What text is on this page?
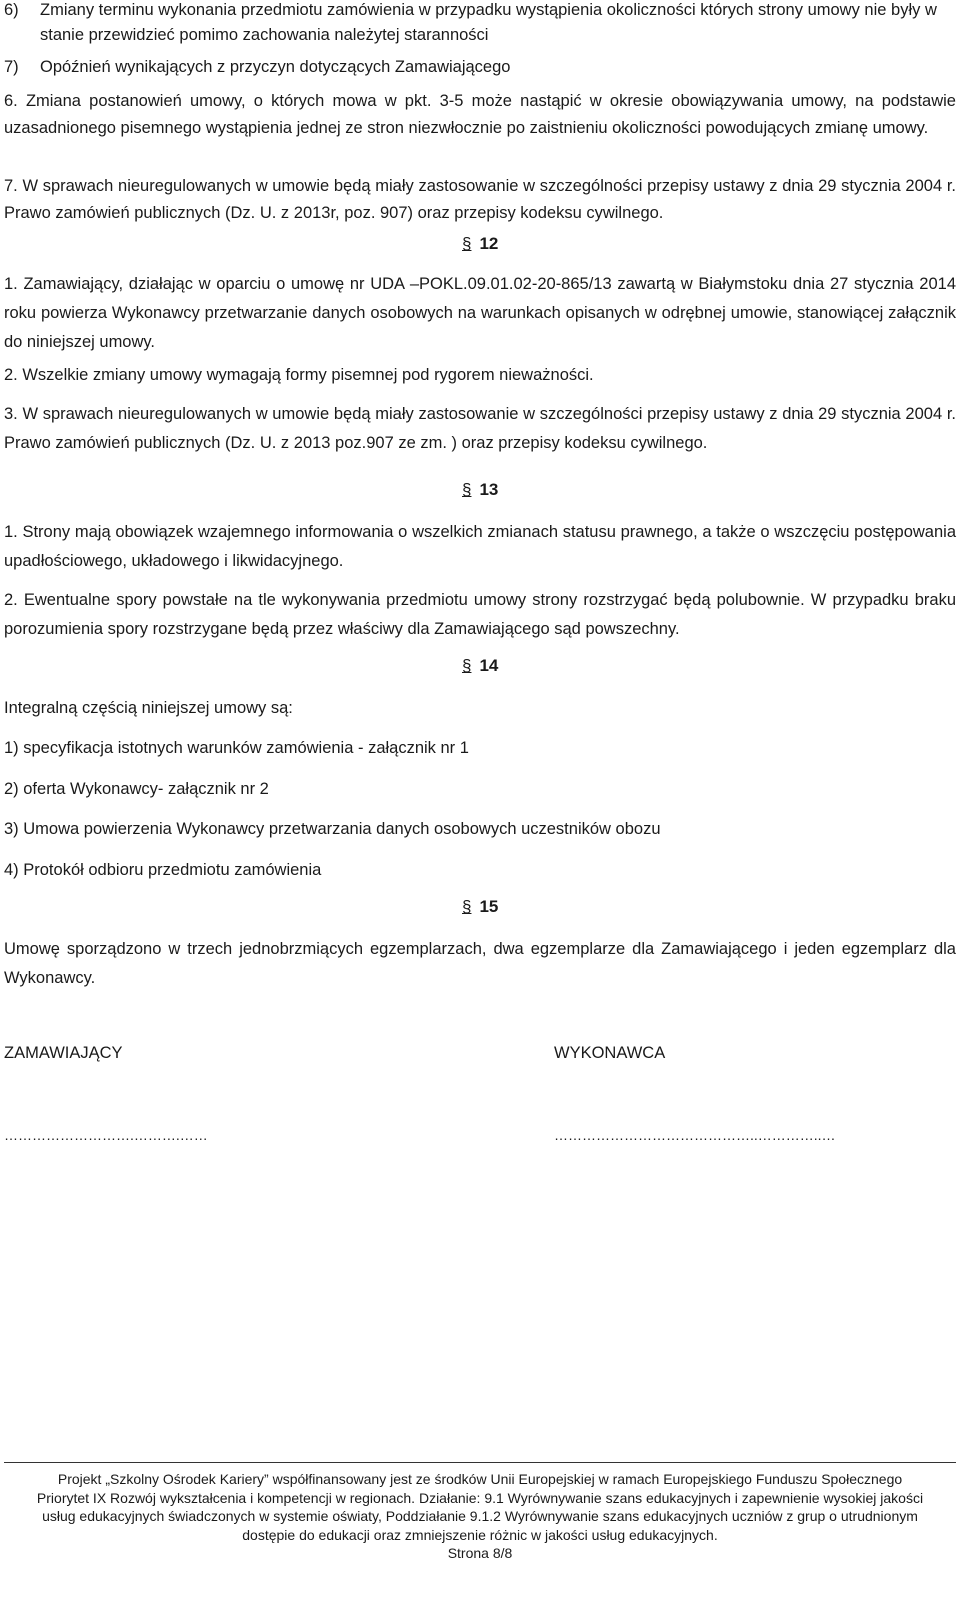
6) Zmiany terminu wykonania przedmiotu zamówienia w przypadku wystąpienia okoliczności których strony umowy nie były w stanie przewidzieć pomimo zachowania należytej staranności
7) Opóźnień wynikających z przyczyn dotyczących Zamawiającego

6. Zmiana postanowień umowy, o których mowa w pkt. 3-5 może nastąpić w okresie obowiązywania umowy, na podstawie uzasadnionego pisemnego wystąpienia jednej ze stron niezwłocznie po zaistnieniu okoliczności powodujących zmianę umowy.

7. W sprawach nieuregulowanych w umowie będą miały zastosowanie w szczególności przepisy ustawy z dnia 29 stycznia 2004 r. Prawo zamówień publicznych (Dz. U. z 2013r, poz. 907) oraz przepisy kodeksu cywilnego.

§ 12

1. Zamawiający, działając w oparciu o umowę nr UDA –POKL.09.01.02-20-865/13 zawartą w Białymstoku dnia 27 stycznia 2014 roku powierza Wykonawcy przetwarzanie danych osobowych na warunkach opisanych w odrębnej umowie, stanowiącej załącznik do niniejszej umowy.

2. Wszelkie zmiany umowy wymagają formy pisemnej pod rygorem nieważności.

3. W sprawach nieuregulowanych w umowie będą miały zastosowanie w szczególności przepisy ustawy z dnia 29 stycznia 2004 r. Prawo zamówień publicznych (Dz. U. z 2013 poz.907 ze zm. ) oraz przepisy kodeksu cywilnego.

§ 13

1. Strony mają obowiązek wzajemnego informowania o wszelkich zmianach statusu prawnego, a także o wszczęciu postępowania upadłościowego, układowego i likwidacyjnego.

2. Ewentualne spory powstałe na tle wykonywania przedmiotu umowy strony rozstrzygać będą polubownie. W przypadku braku porozumienia spory rozstrzygane będą przez właściwy dla Zamawiającego sąd powszechny.

§ 14

Integralną częścią niniejszej umowy są:

1) specyfikacja istotnych warunków zamówienia - załącznik nr 1

2) oferta Wykonawcy- załącznik nr 2

3) Umowa powierzenia Wykonawcy przetwarzania danych osobowych uczestników obozu

4) Protokół odbioru przedmiotu zamówienia

§ 15

Umowę sporządzono w trzech jednobrzmiących egzemplarzach, dwa egzemplarze dla Zamawiającego i jeden egzemplarz dla Wykonawcy.

ZAMAWIAJĄCY	WYKONAWCA
……………………….……….……	……………………………………..…………..…
Projekt „Szkolny Ośrodek Kariery” współfinansowany jest ze środków Unii Europejskiej w ramach Europejskiego Funduszu Społecznego
Priorytet IX Rozwój wykształcenia i kompetencji w regionach. Działanie: 9.1 Wyrównywanie szans edukacyjnych i zapewnienie wysokiej jakości
usług edukacyjnych świadczonych w systemie oświaty, Poddziałanie 9.1.2 Wyrównywanie szans edukacyjnych uczniów z grup o utrudnionym
dostępie do edukacji oraz zmniejszenie różnic w jakości usług edukacyjnych.
Strona 8/8
